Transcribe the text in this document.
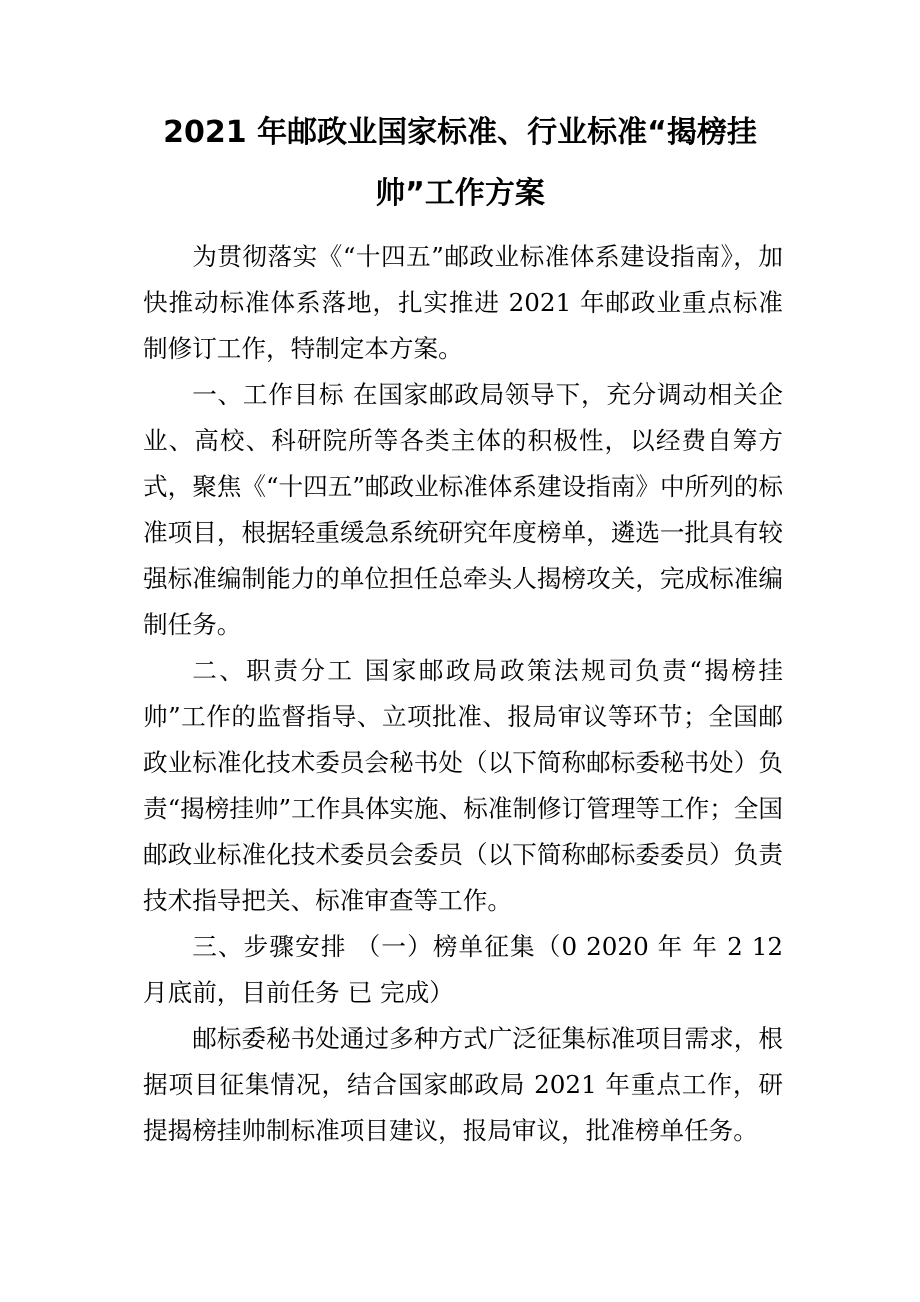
2021 年邮政业国家标准、行业标准“揭榜挂
帅”工作方案

为贯彻落实《“十四五”邮政业标准体系建设指南》，加快推动标准体系落地，扎实推进 2021 年邮政业重点标准制修订工作，特制定本方案。

一、工作目标 在国家邮政局领导下，充分调动相关企业、高校、科研院所等各类主体的积极性，以经费自筹方式，聚焦《“十四五”邮政业标准体系建设指南》中所列的标准项目，根据轻重缓急系统研究年度榜单，遴选一批具有较强标准编制能力的单位担任总牵头人揭榜攻关，完成标准编制任务。

二、职责分工 国家邮政局政策法规司负责“揭榜挂帅”工作的监督指导、立项批准、报局审议等环节；全国邮政业标准化技术委员会秘书处（以下简称邮标委秘书处）负责“揭榜挂帅”工作具体实施、标准制修订管理等工作；全国邮政业标准化技术委员会委员（以下简称邮标委委员）负责技术指导把关、标准审查等工作。

三、步骤安排 （一）榜单征集（0 2020 年 年 2 12 月底前，目前任务 已 完成）

邮标委秘书处通过多种方式广泛征集标准项目需求，根据项目征集情况，结合国家邮政局 2021 年重点工作，研提揭榜挂帅制标准项目建议，报局审议，批准榜单任务。
